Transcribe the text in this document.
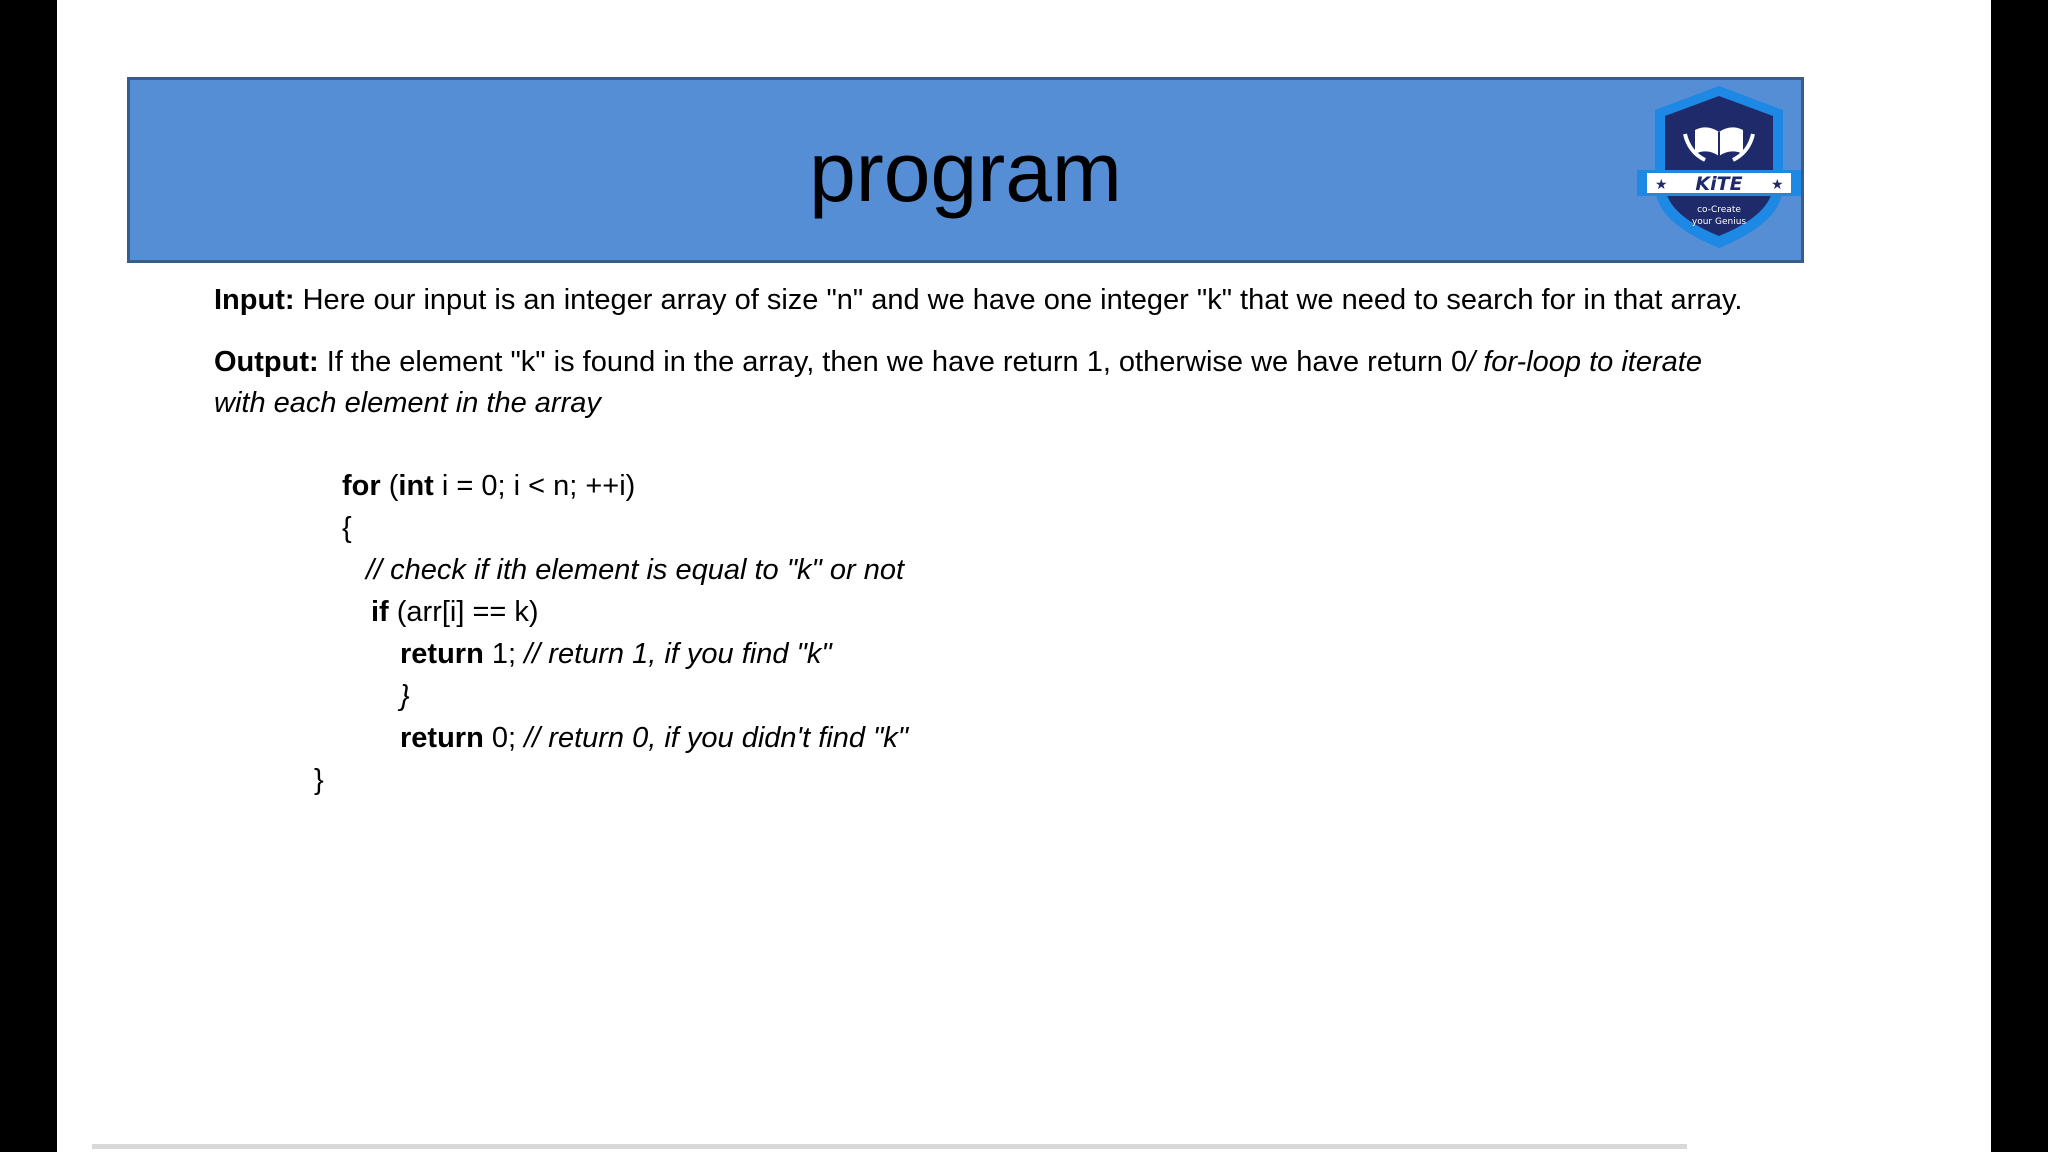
program	★	★
KiTE
co-Create
your Genius

Input: Here our input is an integer array of size "n" and we have one integer "k" that we need to search for in that array.

Output: If the element "k" is found in the array, then we have return 1, otherwise we have return 0/ for-loop to iterate with each element in the array

for (int i = 0; i < n; ++i)

{

// check if ith element is equal to "k" or not

if (arr[i] == k)

return 1; // return 1, if you find "k"

}

return 0; // return 0, if you didn't find "k"

}
